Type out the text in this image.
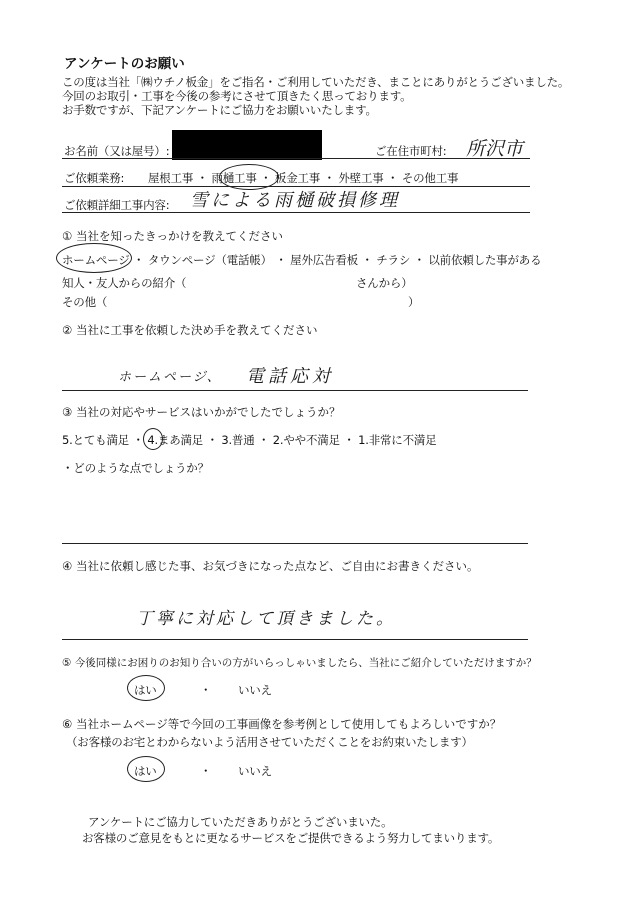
アンケートのお願い
この度は当社「㈱ウチノ板金」をご指名・ご利用していただき、まことにありがとうございました。
今回のお取引・工事を今後の参考にさせて頂きたく思っております。
お手数ですが、下記アンケートにご協力をお願いいたします。
お名前（又は屋号）:	ご在住市町村: 所沢市
ご依頼業務: 屋根工事 ・ 雨樋工事 ・ 板金工事 ・ 外壁工事 ・ その他工事
ご依頼詳細工事内容: 雪による雨樋破損修理
① 当社を知ったきっかけを教えてください
ホームページ ・ タウンページ（電話帳） ・ 屋外広告看板 ・ チラシ ・ 以前依頼した事がある
知人・友人からの紹介（	さんから）
その他（	）
② 当社に工事を依頼した決め手を教えてください
ホームページ、 電話応対
③ 当社の対応やサービスはいかがでしたでしょうか？
5.とても満足 ・ 4.まあ満足 ・ 3.普通 ・ 2.やや不満足 ・ 1.非常に不満足
・どのような点でしょうか？
④ 当社に依頼し感じた事、お気づきになった点など、ご自由にお書きください。
丁寧に対応して頂きました。
⑤ 今後同様にお困りのお知り合いの方がいらっしゃいましたら、当社にご紹介していただけますか？
はい	・ いいえ
⑥ 当社ホームページ等で今回の工事画像を参考例として使用してもよろしいですか？
（お客様のお宅とわからないよう活用させていただくことをお約束いたします）
はい	・ いいえ
アンケートにご協力していただきありがとうございまいた。
お客様のご意見をもとに更なるサービスをご提供できるよう努力してまいります。
